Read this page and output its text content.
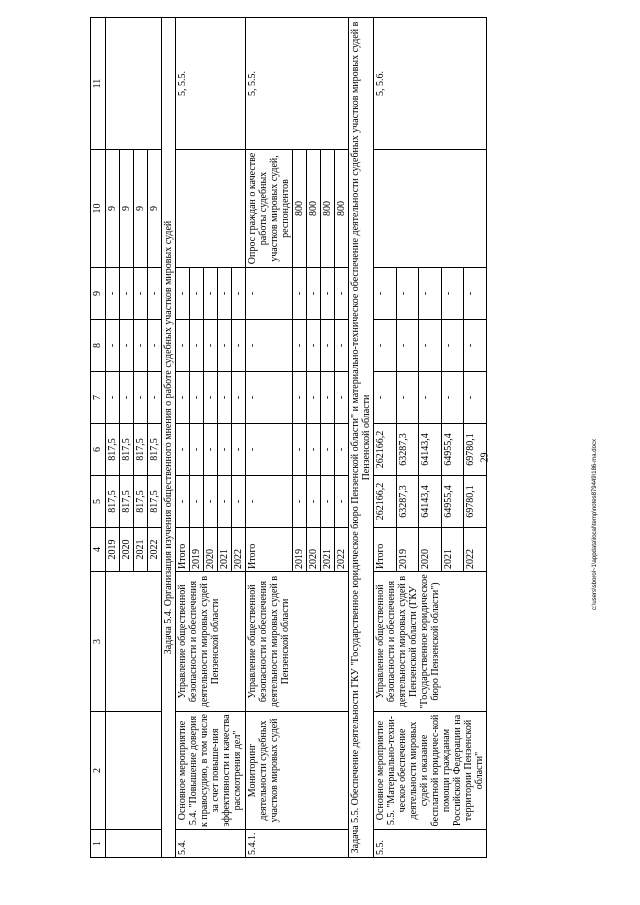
29
1	2	3	4	5	6	7	8	9	10	11
			2019	817,5	817,5	-	-	-	9	
			2020	817,5	817,5	-	-	-	9	
			2021	817,5	817,5	-	-	-	9	
			2022	817,5	817,5	-	-	-	9	
Задача 5.4. Организация изучения общественного мнения о работе судебных участков мировых судей										
5.4.	Основное мероприятие 5.4. "Повышение доверия к правосудию, в том числе за счет повыше-ния эффективности и качества рассмотрения дел"	Управление общественной безопасности и обеспечения деятельности мировых судей в Пензенской области	Итого	-	-	-	-	-		5, 5.5.
			2019	-	-	-	-	-		
			2020	-	-	-	-	-		
			2021	-	-	-	-	-		
			2022	-	-	-	-	-		
5.4.1.	Мониторинг деятельности судебных участков мировых судей	Управление общественной безопасности и обеспечения деятельности мировых судей в Пензенской области	Итого	-	-	-	-	-	Опрос граждан о качестве работы судебных участков мировых судей, респондентов	5, 5.5.
			2019	-	-	-	-	-	800	
			2020	-	-	-	-	-	800	
			2021	-	-	-	-	-	800	
			2022	-	-	-	-	-	800	
Задача 5.5. Обеспечение деятельности ГКУ "Государственное юридическое бюро Пензенской области" и материально-техническое обеспечение деятельности судебных участков мировых судей в Пензенской области										
5.5.	Основное мероприятие 5.5. "Материально-техни-ческое обеспечение деятельности мировых судей и оказание бесплатной юридичес-кой помощи гражданам Российской Федерации на территории Пензенской области"	Управление общественной безопасности и обеспечения деятельности мировых судей в Пензенской области (ГКУ "Государственное юридическое бюро Пензенской области")	Итого	262166,2	262166,2	-	-	-		5, 5.6.
			2019	63287,3	63287,3	-	-	-		
			2020	64143,4	64143,4	-	-	-		
			2021	64955,4	64955,4	-	-	-		
			2022	69780,1	69780,1	-	-	-		
c:\users\sborol~1\appdata\local\temp\notes879449\186-ma.docx
